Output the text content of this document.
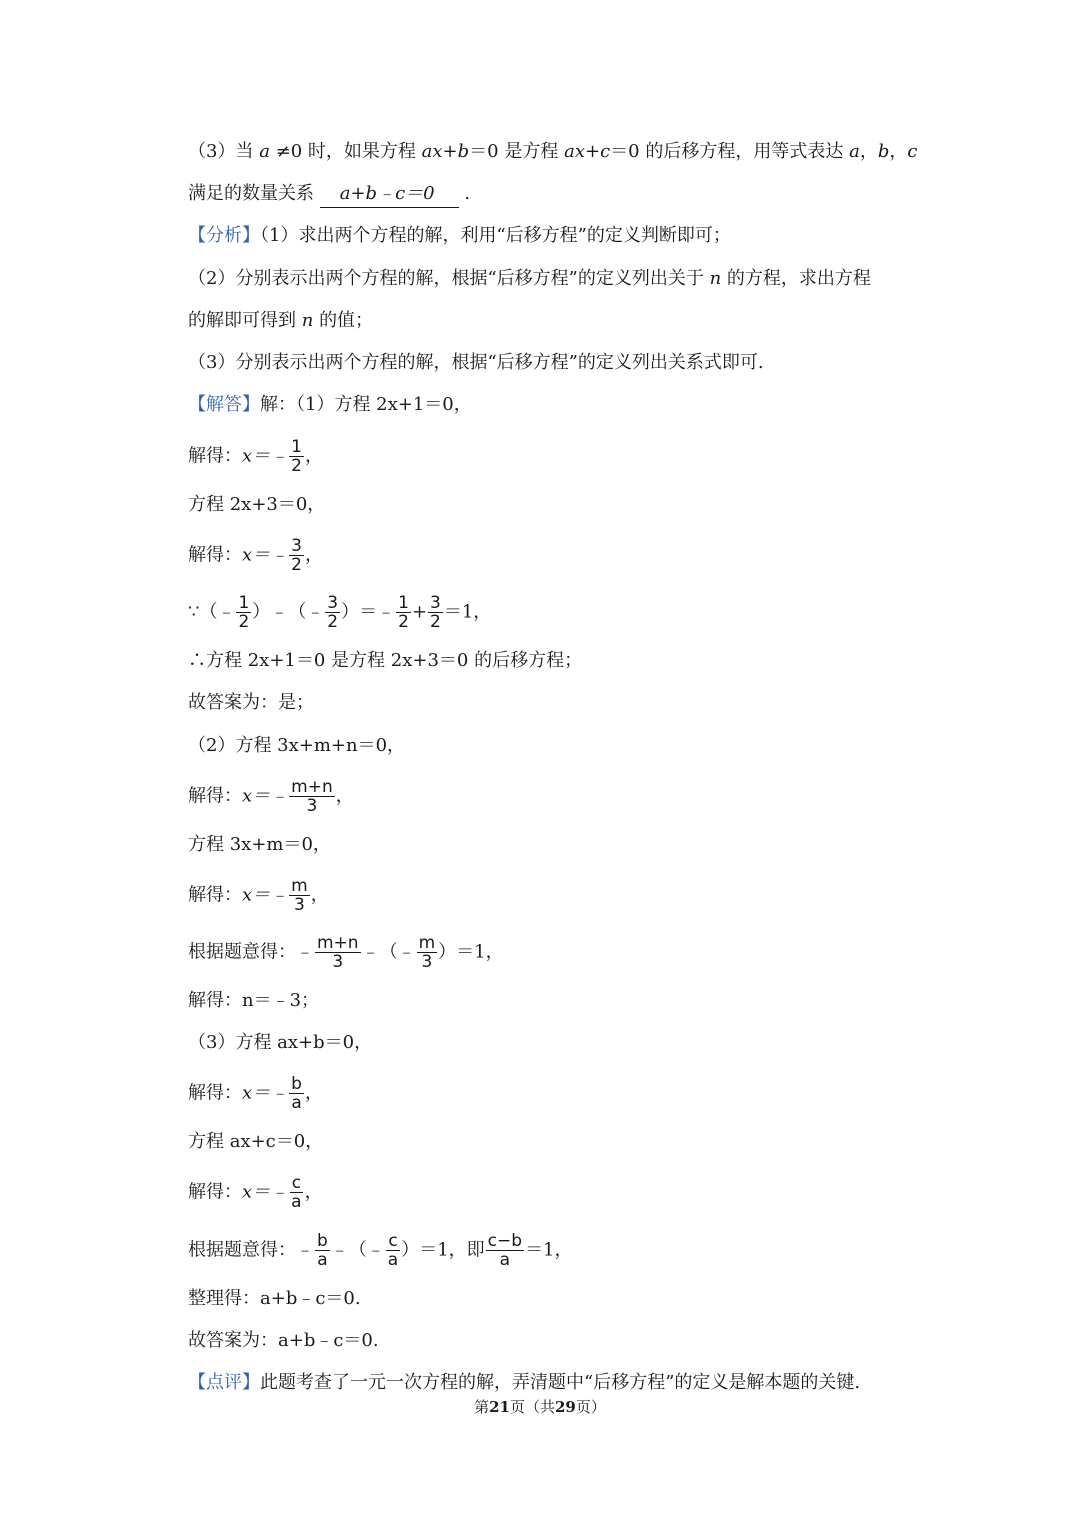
（3）当 a ≠0 时，如果方程 ax+b＝0 是方程 ax+c＝0 的后移方程，用等式表达 a，b，c
满足的数量关系 a+b﹣c＝0 .
【分析】（1）求出两个方程的解，利用“后移方程”的定义判断即可；
（2）分别表示出两个方程的解，根据“后移方程”的定义列出关于 n 的方程，求出方程
的解即可得到 n 的值；
（3）分别表示出两个方程的解，根据“后移方程”的定义列出关系式即可.
【解答】解：（1）方程 2x+1＝0，
解得：x＝﹣ $\frac{1}{2}$ ，
方程 2x+3＝0，
解得：x＝﹣ $\frac{3}{2}$ ，
∵（﹣ $\frac{1}{2}$ ）﹣（﹣ $\frac{3}{2}$ ）＝﹣ $\frac{1}{2} + \frac{3}{2} =1$，
∴方程 2x+1＝0 是方程 2x+3＝0 的后移方程；
故答案为：是；
（2）方程 3x+m+n＝0，
解得：x＝﹣ $\frac{m+n}{3}$ ，
方程 3x+m＝0，
解得：x＝﹣ $\frac{m}{3}$ ，
根据题意得：﹣ $\frac{m+n}{3}$ ﹣（﹣ $\frac{m}{3} )=1$，
解得：n＝﹣3；
（3）方程 ax+b＝0，
解得：x＝﹣ $\frac{b}{a}$ ，
方程 ax+c＝0，
解得：x＝﹣ $\frac{c}{a}$ ，
根据题意得：﹣ $\frac{b}{a}$ ﹣（﹣ $\frac{c}{a} )=1$，即 $\frac{c-b}{a} =1$，
整理得：a+b﹣c＝0.
故答案为：a+b﹣c＝0.
【点评】此题考查了一元一次方程的解，弄清题中“后移方程”的定义是解本题的关键.
第21页（共29页）
